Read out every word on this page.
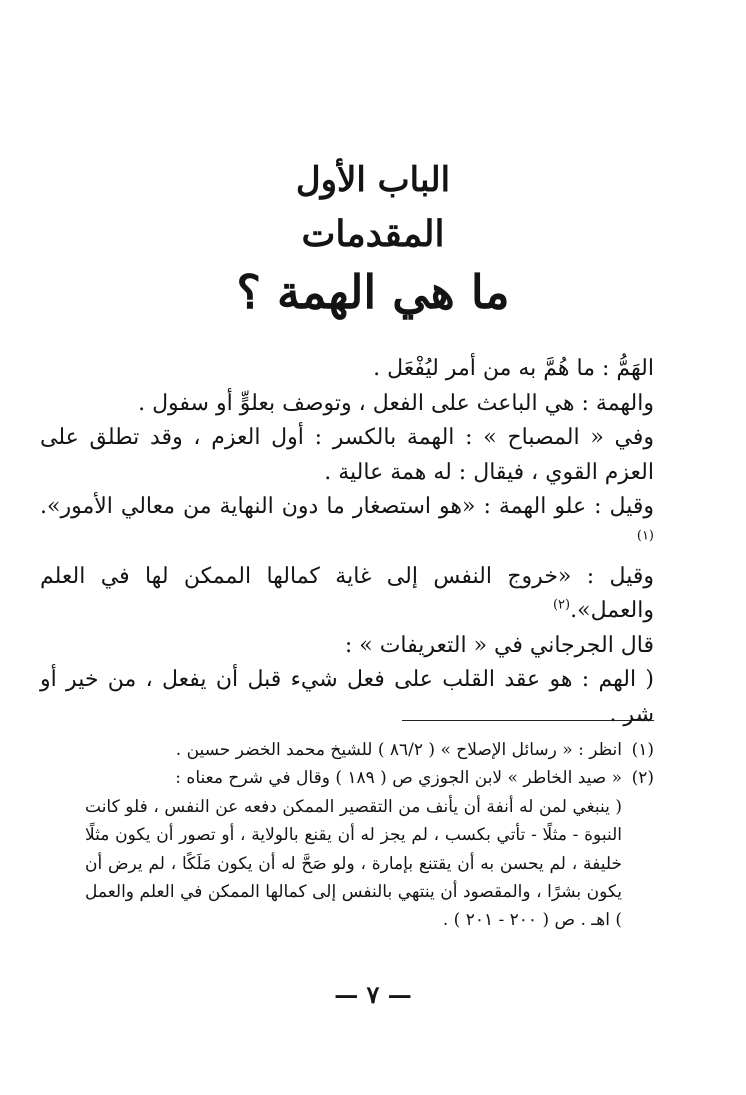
الباب الأول
المقدمات
ما هي الهمة ؟

الهَمُّ : ما هُمَّ به من أمر ليُفْعَل .

والهمة : هي الباعث على الفعل ، وتوصف بعلوٍّ أو سفول .

وفي « المصباح » : الهمة بالكسر : أول العزم ، وقد تطلق على العزم القوي ، فيقال : له همة عالية .

وقيل : علو الهمة : «هو استصغار ما دون النهاية من معالي الأمور».$^{(١)}$

وقيل : «خروج النفس إلى غاية كمالها الممكن لها في العلم والعمل».$^{(٢)}$

قال الجرجاني في « التعريفات » :

( الهم : هو عقد القلب على فعل شيء قبل أن يفعل ، من خير أو شر .

(١)انظر : « رسائل الإصلاح » ( ٨٦/٢ ) للشيخ محمد الخضر حسين .

(٢)« صيد الخاطر » لابن الجوزي ص ( ١٨٩ ) وقال في شرح معناه :

( ينبغي لمن له أنفة أن يأنف من التقصير الممكن دفعه عن النفس ، فلو كانت النبوة - مثلًا - تأتي بكسب ، لم يجز له أن يقنع بالولاية ، أو تصور أن يكون مثلًا خليفة ، لم يحسن به أن يقتنع بإمارة ، ولو صَحَّ له أن يكون مَلَكًا ، لم يرض أن يكون بشرًا ، والمقصود أن ينتهي بالنفس إلى كمالها الممكن في العلم والعمل ) اهـ . ص ( ٢٠٠ - ٢٠١ ) .

— ٧ —
